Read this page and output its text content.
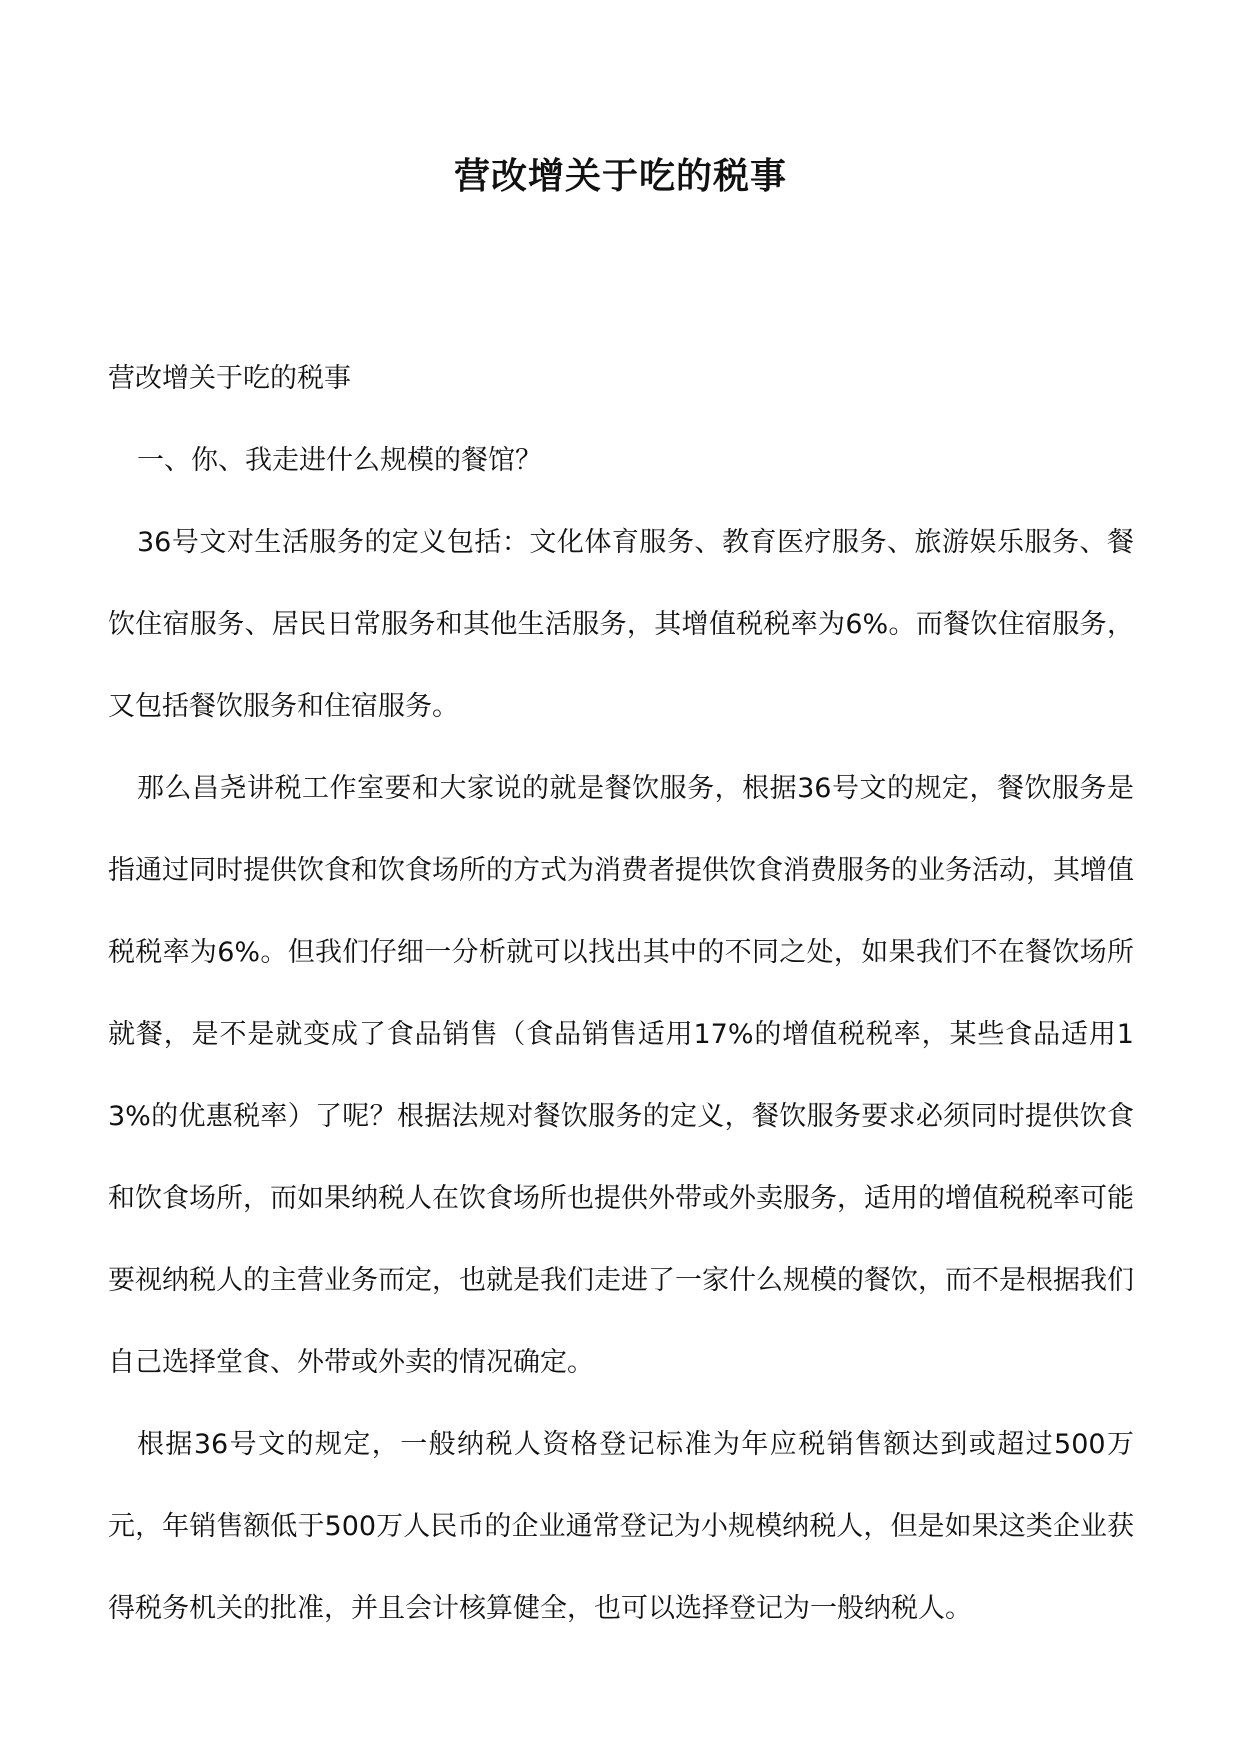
营改增关于吃的税事

营改增关于吃的税事

一、你、我走进什么规模的餐馆？

36号文对生活服务的定义包括：文化体育服务、教育医疗服务、旅游娱乐服务、餐饮住宿服务、居民日常服务和其他生活服务，其增值税税率为6%。而餐饮住宿服务，又包括餐饮服务和住宿服务。

那么昌尧讲税工作室要和大家说的就是餐饮服务，根据36号文的规定，餐饮服务是指通过同时提供饮食和饮食场所的方式为消费者提供饮食消费服务的业务活动，其增值税税率为6%。但我们仔细一分析就可以找出其中的不同之处，如果我们不在餐饮场所就餐，是不是就变成了食品销售（食品销售适用17%的增值税税率，某些食品适用13%的优惠税率）了呢？根据法规对餐饮服务的定义，餐饮服务要求必须同时提供饮食和饮食场所，而如果纳税人在饮食场所也提供外带或外卖服务，适用的增值税税率可能要视纳税人的主营业务而定，也就是我们走进了一家什么规模的餐饮，而不是根据我们自己选择堂食、外带或外卖的情况确定。

根据36号文的规定，一般纳税人资格登记标准为年应税销售额达到或超过500万元，年销售额低于500万人民币的企业通常登记为小规模纳税人，但是如果这类企业获得税务机关的批准，并且会计核算健全，也可以选择登记为一般纳税人。
